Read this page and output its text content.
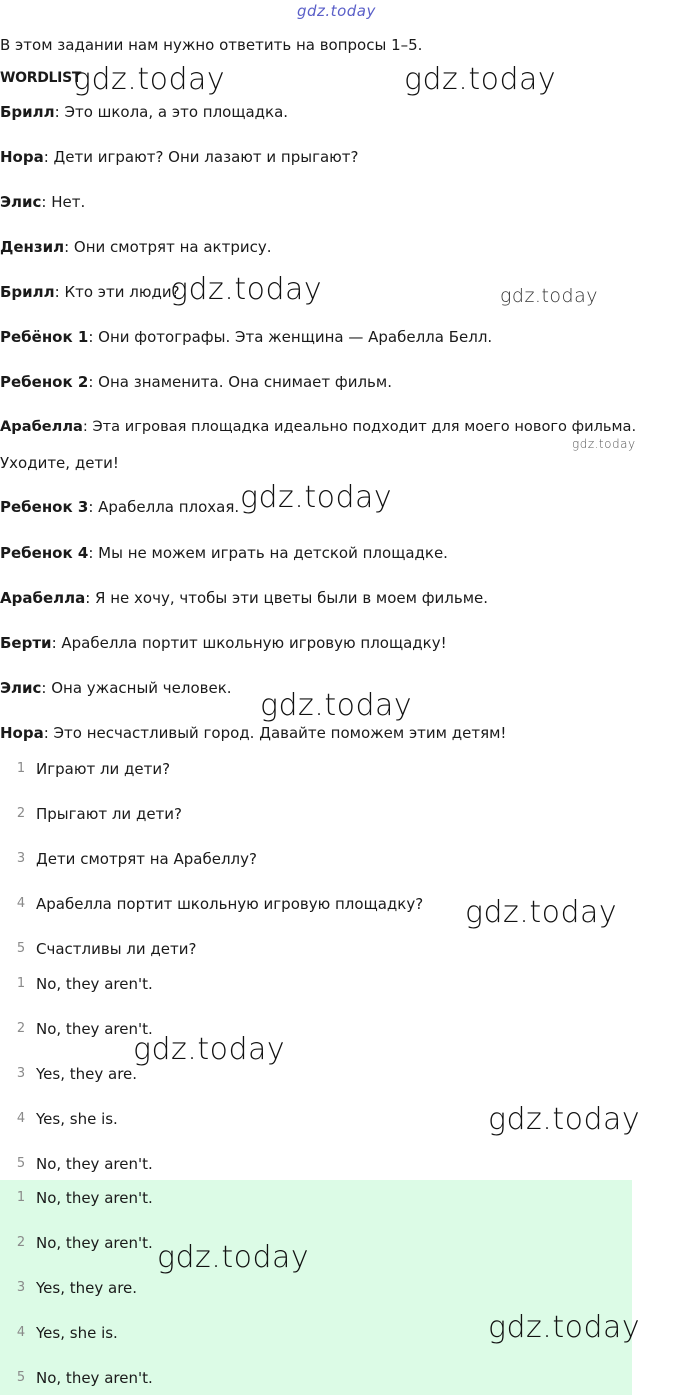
gdz.today
gdz.today	gdz.today
gdz.today	gdz.today
gdz.today
gdz.today
gdz.today
gdz.today
gdz.today
gdz.today
gdz.today
gdz.today
В этом задании нам нужно ответить на вопросы 1–5.
WORDLIST
Брилл: Это школа, а это площадка.
Нора: Дети играют? Они лазают и прыгают?
Элис: Нет.
Дензил: Они смотрят на актрису.
Брилл: Кто эти люди?
Ребёнок 1: Они фотографы. Эта женщина — Арабелла Белл.
Ребенок 2: Она знаменита. Она снимает фильм.
Арабелла: Эта игровая площадка идеально подходит для моего нового фильма.
Уходите, дети!
Ребенок 3: Арабелла плохая.
Ребенок 4: Мы не можем играть на детской площадке.
Арабелла: Я не хочу, чтобы эти цветы были в моем фильме.
Берти: Арабелла портит школьную игровую площадку!
Элис: Она ужасный человек.
Нора: Это несчастливый город. Давайте поможем этим детям!
1 Играют ли дети?
2 Прыгают ли дети?
3 Дети смотрят на Арабеллу?
4 Арабелла портит школьную игровую площадку?
5 Счастливы ли дети?
1 No, they aren't.
2 No, they aren't.
3 Yes, they are.
4 Yes, she is.
5 No, they aren't.
1 No, they aren't.
2 No, they aren't.
3 Yes, they are.
4 Yes, she is.
5 No, they aren't.
